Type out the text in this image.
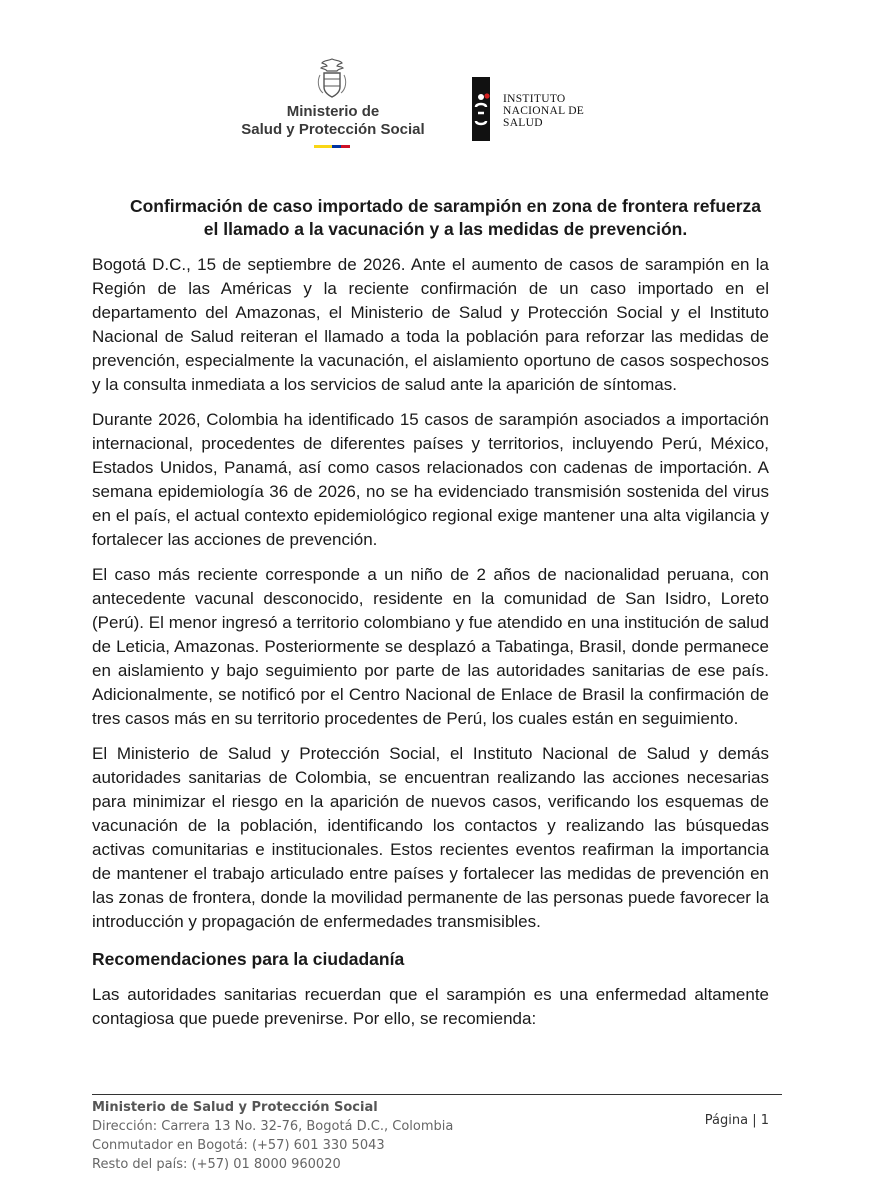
Ministerio de
Salud y Protección Social
INSTITUTO
NACIONAL DE
SALUD
Confirmación de caso importado de sarampión en zona de frontera refuerza
el llamado a la vacunación y a las medidas de prevención.

Bogotá D.C., 15 de septiembre de 2026. Ante el aumento de casos de sarampión en la Región de las Américas y la reciente confirmación de un caso importado en el departamento del Amazonas, el Ministerio de Salud y Protección Social y el Instituto Nacional de Salud reiteran el llamado a toda la población para reforzar las medidas de prevención, especialmente la vacunación, el aislamiento oportuno de casos sospechosos y la consulta inmediata a los servicios de salud ante la aparición de síntomas.

Durante 2026, Colombia ha identificado 15 casos de sarampión asociados a importación internacional, procedentes de diferentes países y territorios, incluyendo Perú, México, Estados Unidos, Panamá, así como casos relacionados con cadenas de importación. A semana epidemiología 36 de 2026, no se ha evidenciado transmisión sostenida del virus en el país, el actual contexto epidemiológico regional exige mantener una alta vigilancia y fortalecer las acciones de prevención.

El caso más reciente corresponde a un niño de 2 años de nacionalidad peruana, con antecedente vacunal desconocido, residente en la comunidad de San Isidro, Loreto (Perú). El menor ingresó a territorio colombiano y fue atendido en una institución de salud de Leticia, Amazonas. Posteriormente se desplazó a Tabatinga, Brasil, donde permanece en aislamiento y bajo seguimiento por parte de las autoridades sanitarias de ese país. Adicionalmente, se notificó por el Centro Nacional de Enlace de Brasil la confirmación de tres casos más en su territorio procedentes de Perú, los cuales están en seguimiento.

El Ministerio de Salud y Protección Social, el Instituto Nacional de Salud y demás autoridades sanitarias de Colombia, se encuentran realizando las acciones necesarias para minimizar el riesgo en la aparición de nuevos casos, verificando los esquemas de vacunación de la población, identificando los contactos y realizando las búsquedas activas comunitarias e institucionales. Estos recientes eventos reafirman la importancia de mantener el trabajo articulado entre países y fortalecer las medidas de prevención en las zonas de frontera, donde la movilidad permanente de las personas puede favorecer la introducción y propagación de enfermedades transmisibles.

Recomendaciones para la ciudadanía

Las autoridades sanitarias recuerdan que el sarampión es una enfermedad altamente contagiosa que puede prevenirse. Por ello, se recomienda:

Ministerio de Salud y Protección Social
Dirección: Carrera 13 No. 32-76, Bogotá D.C., Colombia
Conmutador en Bogotá: (+57) 601 330 5043
Resto del país: (+57) 01 8000 960020
Página | 1
